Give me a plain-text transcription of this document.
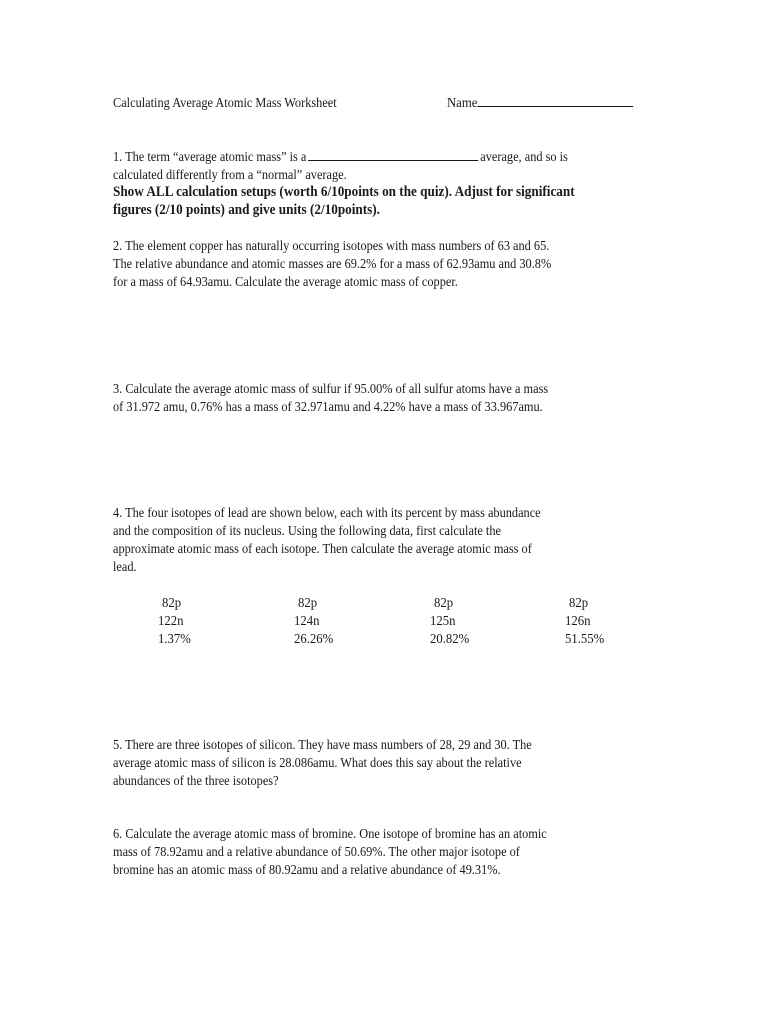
Calculating Average Atomic Mass Worksheet	Name
1. The term “average atomic mass” is a	average, and so is
calculated differently from a “normal” average.
Show ALL calculation setups (worth 6/10points on the quiz). Adjust for significant
figures (2/10 points) and give units (2/10points).
2. The element copper has naturally occurring isotopes with mass numbers of 63 and 65.
The relative abundance and atomic masses are 69.2% for a mass of 62.93amu and 30.8%
for a mass of 64.93amu. Calculate the average atomic mass of copper.
3. Calculate the average atomic mass of sulfur if 95.00% of all sulfur atoms have a mass
of 31.972 amu, 0.76% has a mass of 32.971amu and 4.22% have a mass of 33.967amu.
4. The four isotopes of lead are shown below, each with its percent by mass abundance
and the composition of its nucleus. Using the following data, first calculate the
approximate atomic mass of each isotope. Then calculate the average atomic mass of
lead.
82p
122n
1.37%
82p
124n
26.26%
82p
125n
20.82%
82p
126n
51.55%
5. There are three isotopes of silicon. They have mass numbers of 28, 29 and 30. The
average atomic mass of silicon is 28.086amu. What does this say about the relative
abundances of the three isotopes?
6. Calculate the average atomic mass of bromine. One isotope of bromine has an atomic
mass of 78.92amu and a relative abundance of 50.69%. The other major isotope of
bromine has an atomic mass of 80.92amu and a relative abundance of 49.31%.
